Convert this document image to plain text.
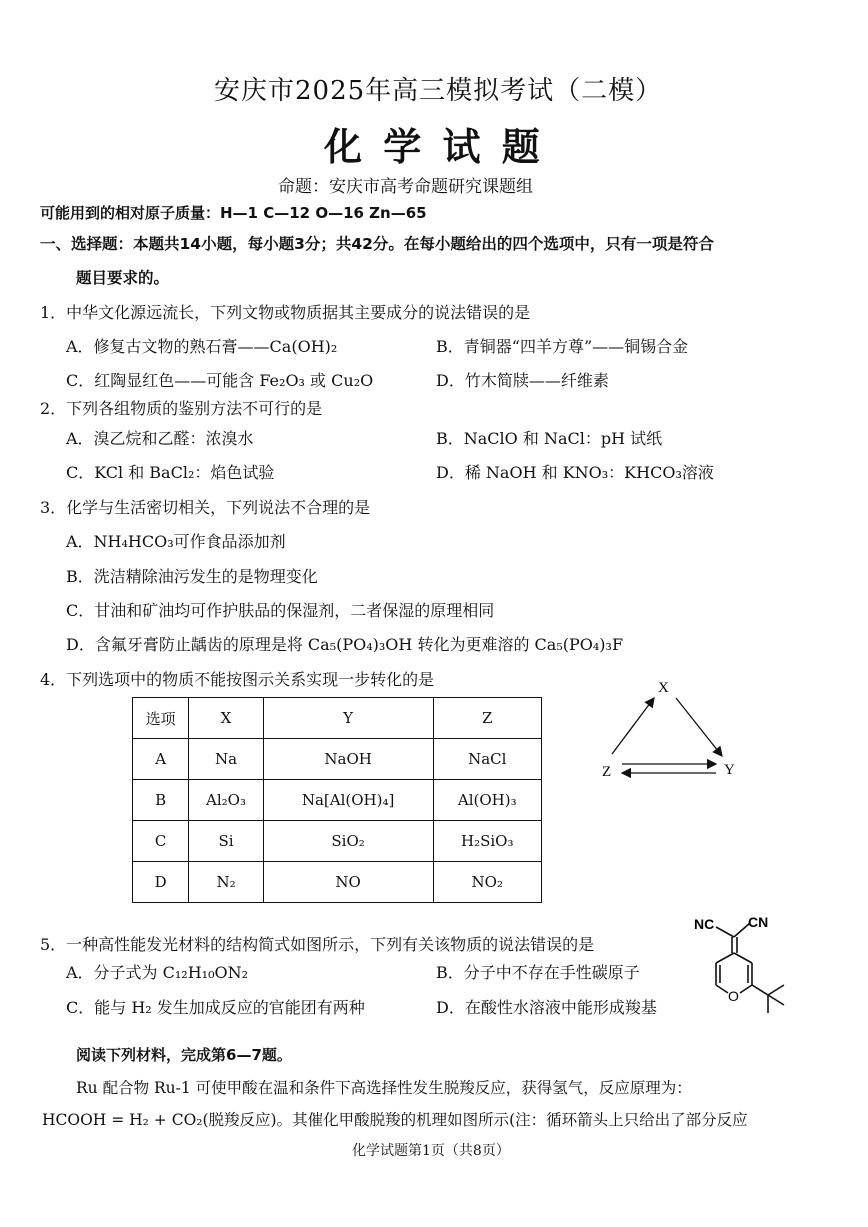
安庆市2025年高三模拟考试（二模）
化 学 试 题
命题：安庆市高考命题研究课题组
可能用到的相对原子质量：H—1 C—12 O—16 Zn—65
一、选择题：本题共14小题，每小题3分；共42分。在每小题给出的四个选项中，只有一项是符合
题目要求的。
1．中华文化源远流长，下列文物或物质据其主要成分的说法错误的是
A．修复古文物的熟石膏——Ca(OH)₂	B．青铜器“四羊方尊”——铜锡合金
C．红陶显红色——可能含 Fe₂O₃ 或 Cu₂O	D．竹木简牍——纤维素
2．下列各组物质的鉴别方法不可行的是
A．溴乙烷和乙醛：浓溴水	B．NaClO 和 NaCl：pH 试纸
C．KCl 和 BaCl₂：焰色试验	D．稀 NaOH 和 KNO₃：KHCO₃溶液
3．化学与生活密切相关，下列说法不合理的是
A．NH₄HCO₃可作食品添加剂
B．洗洁精除油污发生的是物理变化
C．甘油和矿油均可作护肤品的保湿剂，二者保湿的原理相同
D．含氟牙膏防止龋齿的原理是将 Ca₅(PO₄)₃OH 转化为更难溶的 Ca₅(PO₄)₃F
4．下列选项中的物质不能按图示关系实现一步转化的是
选项	X	Y	Z
A	Na	NaOH	NaCl
B	Al₂O₃	Na[Al(OH)₄]	Al(OH)₃
C	Si	SiO₂	H₂SiO₃
D	N₂	NO	NO₂
X
Z	Y
5．一种高性能发光材料的结构简式如图所示，下列有关该物质的说法错误的是
A．分子式为 C₁₂H₁₀ON₂	B．分子中不存在手性碳原子
C．能与 H₂ 发生加成反应的官能团有两种	D．在酸性水溶液中能形成羧基
NC CN
O
阅读下列材料，完成第6—7题。
Ru 配合物 Ru-1 可使甲酸在温和条件下高选择性发生脱羧反应，获得氢气，反应原理为：
HCOOH = H₂ + CO₂(脱羧反应)。其催化甲酸脱羧的机理如图所示(注：循环箭头上只给出了部分反应
化学试题第1页（共8页）
